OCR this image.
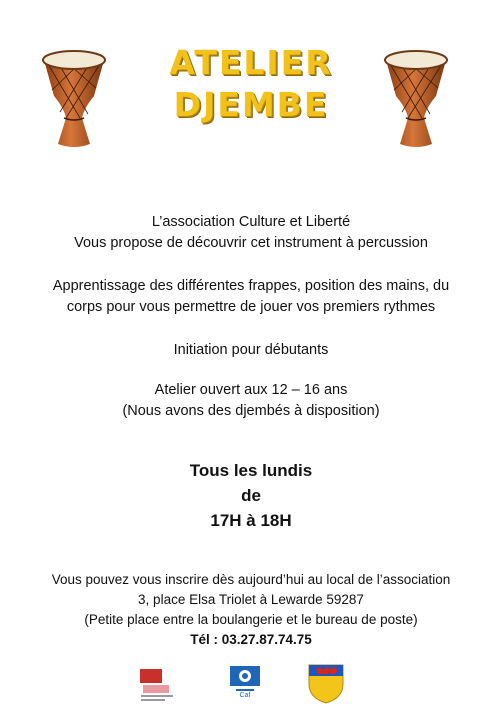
ATELIER
DJEMBE
L’association Culture et Liberté
Vous propose de découvrir cet instrument à percussion
Apprentissage des différentes frappes, position des mains, du
corps pour vous permettre de jouer vos premiers rythmes
Initiation pour débutants
Atelier ouvert aux 12 – 16 ans
(Nous avons des djembés à disposition)
Tous les lundis
de
17H à 18H
Vous pouvez vous inscrire dès aujourd’hui au local de l’association
3, place Elsa Triolet à Lewarde 59287
(Petite place entre la boulangerie et le bureau de poste)
Tél : 03.27.87.74.75
Caf
